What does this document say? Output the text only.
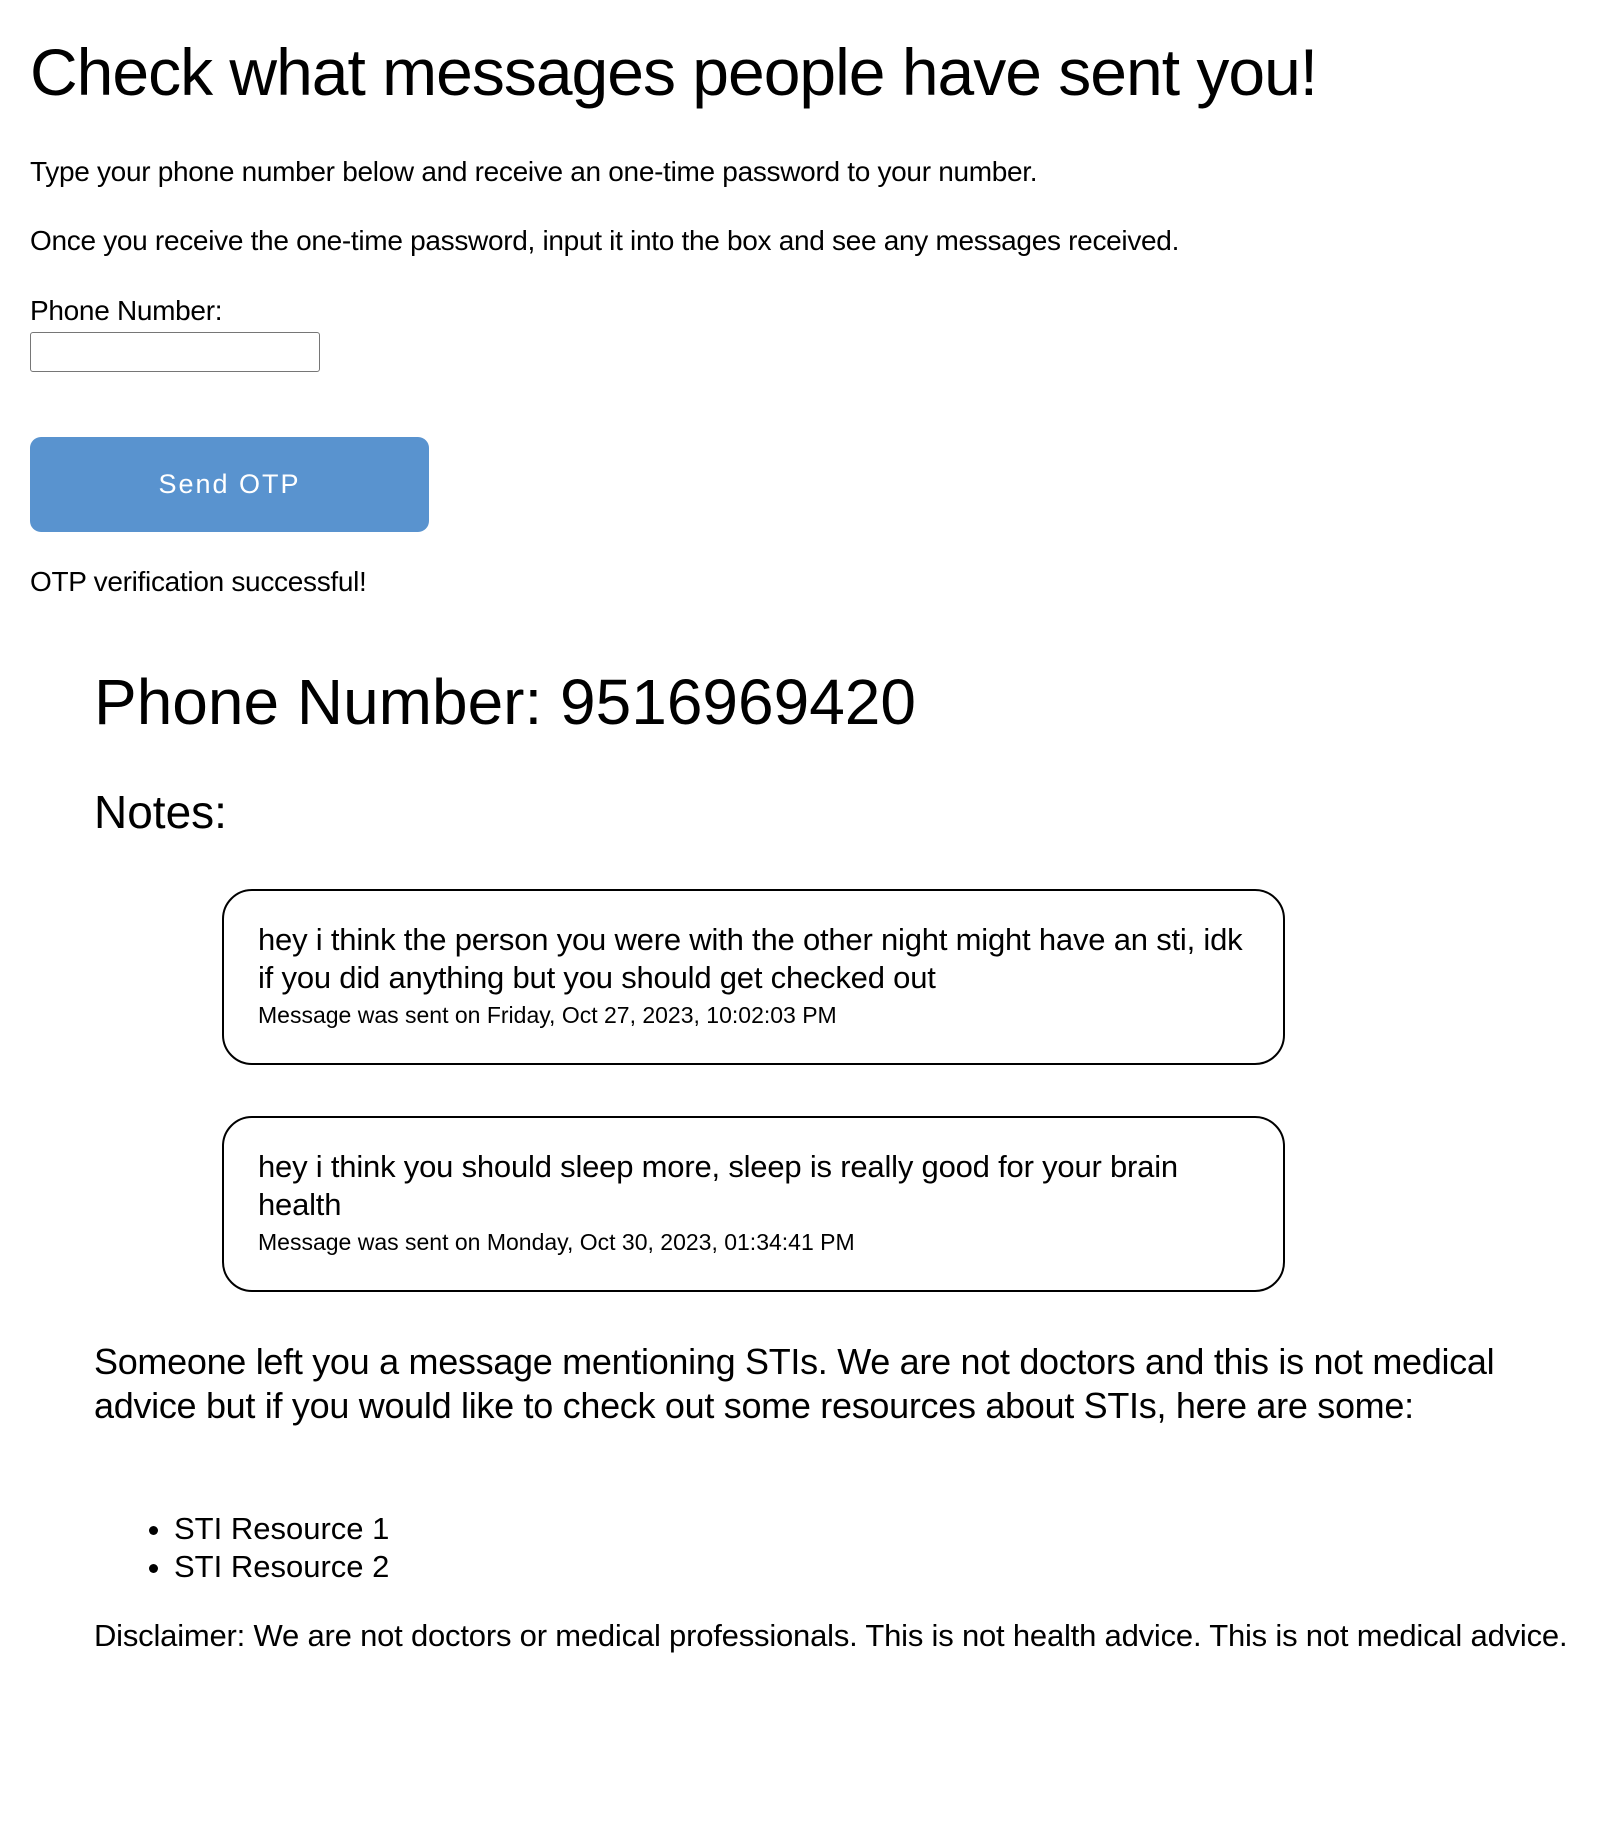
Check what messages people have sent you!

Type your phone number below and receive an one-time password to your number.

Once you receive the one-time password, input it into the box and see any messages received.

Phone Number:
Send OTP

OTP verification successful!

Phone Number: 9516969420
Notes:
hey i think the person you were with the other night might have an sti, idk if you did anything but you should get checked out
Message was sent on Friday, Oct 27, 2023, 10:02:03 PM
hey i think you should sleep more, sleep is really good for your brain health
Message was sent on Monday, Oct 30, 2023, 01:34:41 PM

Someone left you a message mentioning STIs. We are not doctors and this is not medical advice but if you would like to check out some resources about STIs, here are some:

• STI Resource 1
• STI Resource 2

Disclaimer: We are not doctors or medical professionals. This is not health advice. This is not medical advice.
